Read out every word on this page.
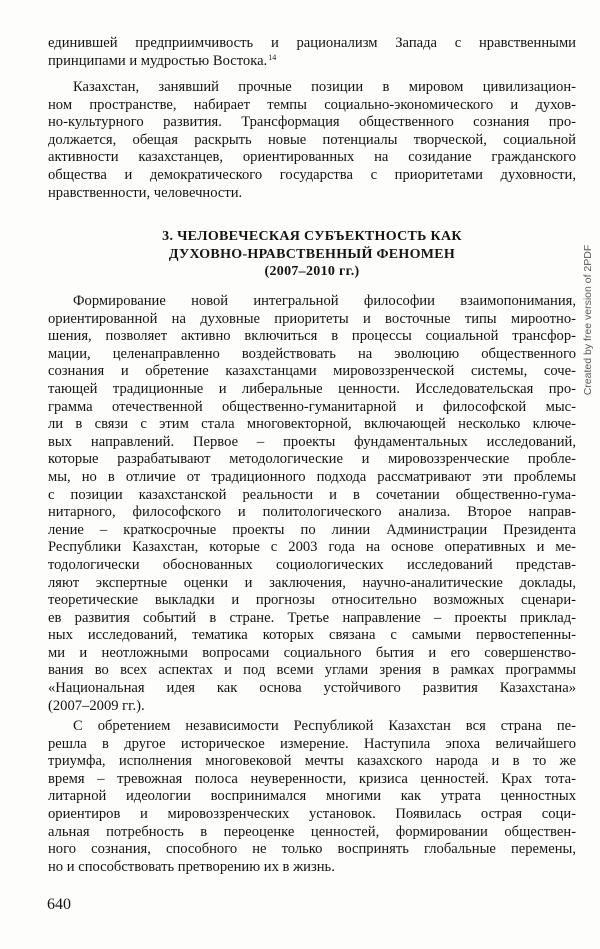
единившей предприимчивость и рационализм Запада с нравственными
принципами и мудростью Востока.$^{14}$
Казахстан, занявший прочные позиции в мировом цивилизацион-
ном пространстве, набирает темпы социально-экономического и духов-
но-культурного развития. Трансформация общественного сознания про-
должается, обещая раскрыть новые потенциалы творческой, социальной
активности казахстанцев, ориентированных на созидание гражданского
общества и демократического государства с приоритетами духовности,
нравственности, человечности.
3. ЧЕЛОВЕЧЕСКАЯ СУБЪЕКТНОСТЬ КАК
ДУХОВНО-НРАВСТВЕННЫЙ ФЕНОМЕН
(2007–2010 гг.)
Формирование новой интегральной философии взаимопонимания,
ориентированной на духовные приоритеты и восточные типы мироотно-
шения, позволяет активно включиться в процессы социальной трансфор-
мации, целенаправленно воздействовать на эволюцию общественного
сознания и обретение казахстанцами мировоззренческой системы, соче-
тающей традиционные и либеральные ценности. Исследовательская про-
грамма отечественной общественно-гуманитарной и философской мыс-
ли в связи с этим стала многовекторной, включающей несколько ключе-
вых направлений. Первое – проекты фундаментальных исследований,
которые разрабатывают методологические и мировоззренческие пробле-
мы, но в отличие от традиционного подхода рассматривают эти проблемы
с позиции казахстанской реальности и в сочетании общественно-гума-
нитарного, философского и политологического анализа. Второе направ-
ление – краткосрочные проекты по линии Администрации Президента
Республики Казахстан, которые с 2003 года на основе оперативных и ме-
тодологически обоснованных социологических исследований представ-
ляют экспертные оценки и заключения, научно-аналитические доклады,
теоретические выкладки и прогнозы относительно возможных сценари-
ев развития событий в стране. Третье направление – проекты приклад-
ных исследований, тематика которых связана с самыми первостепенны-
ми и неотложными вопросами социального бытия и его совершенство-
вания во всех аспектах и под всеми углами зрения в рамках программы
«Национальная идея как основа устойчивого развития Казахстана»
(2007–2009 гг.).
С обретением независимости Республикой Казахстан вся страна пе-
решла в другое историческое измерение. Наступила эпоха величайшего
триумфа, исполнения многовековой мечты казахского народа и в то же
время – тревожная полоса неуверенности, кризиса ценностей. Крах тота-
литарной идеологии воспринимался многими как утрата ценностных
ориентиров и мировоззренческих установок. Появилась острая соци-
альная потребность в переоценке ценностей, формировании обществен-
ного сознания, способного не только воспринять глобальные перемены,
но и способствовать претворению их в жизнь.
640
Created by free version of 2PDF
